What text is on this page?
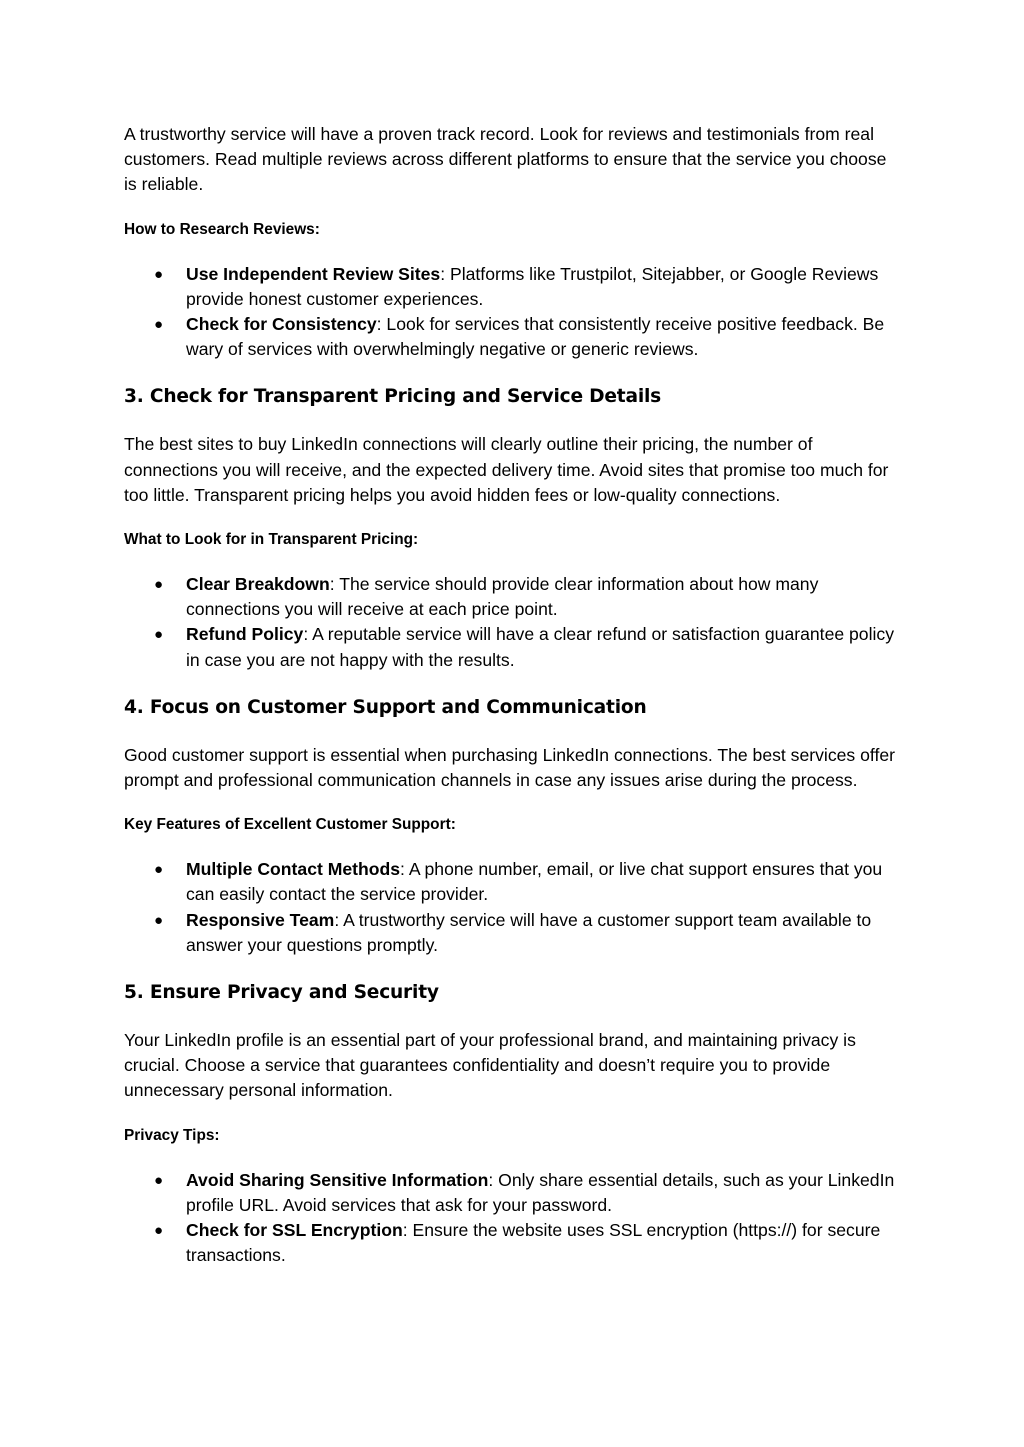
A trustworthy service will have a proven track record. Look for reviews and testimonials from real customers. Read multiple reviews across different platforms to ensure that the service you choose is reliable.

How to Research Reviews:
● Use Independent Review Sites: Platforms like Trustpilot, Sitejabber, or Google Reviews provide honest customer experiences.
● Check for Consistency: Look for services that consistently receive positive feedback. Be wary of services with overwhelmingly negative or generic reviews.
3. Check for Transparent Pricing and Service Details

The best sites to buy LinkedIn connections will clearly outline their pricing, the number of connections you will receive, and the expected delivery time. Avoid sites that promise too much for too little. Transparent pricing helps you avoid hidden fees or low-quality connections.

What to Look for in Transparent Pricing:
● Clear Breakdown: The service should provide clear information about how many connections you will receive at each price point.
● Refund Policy: A reputable service will have a clear refund or satisfaction guarantee policy in case you are not happy with the results.
4. Focus on Customer Support and Communication

Good customer support is essential when purchasing LinkedIn connections. The best services offer prompt and professional communication channels in case any issues arise during the process.

Key Features of Excellent Customer Support:
● Multiple Contact Methods: A phone number, email, or live chat support ensures that you can easily contact the service provider.
● Responsive Team: A trustworthy service will have a customer support team available to answer your questions promptly.
5. Ensure Privacy and Security

Your LinkedIn profile is an essential part of your professional brand, and maintaining privacy is crucial. Choose a service that guarantees confidentiality and doesn’t require you to provide unnecessary personal information.

Privacy Tips:
● Avoid Sharing Sensitive Information: Only share essential details, such as your LinkedIn profile URL. Avoid services that ask for your password.
● Check for SSL Encryption: Ensure the website uses SSL encryption (https://) for secure transactions.
